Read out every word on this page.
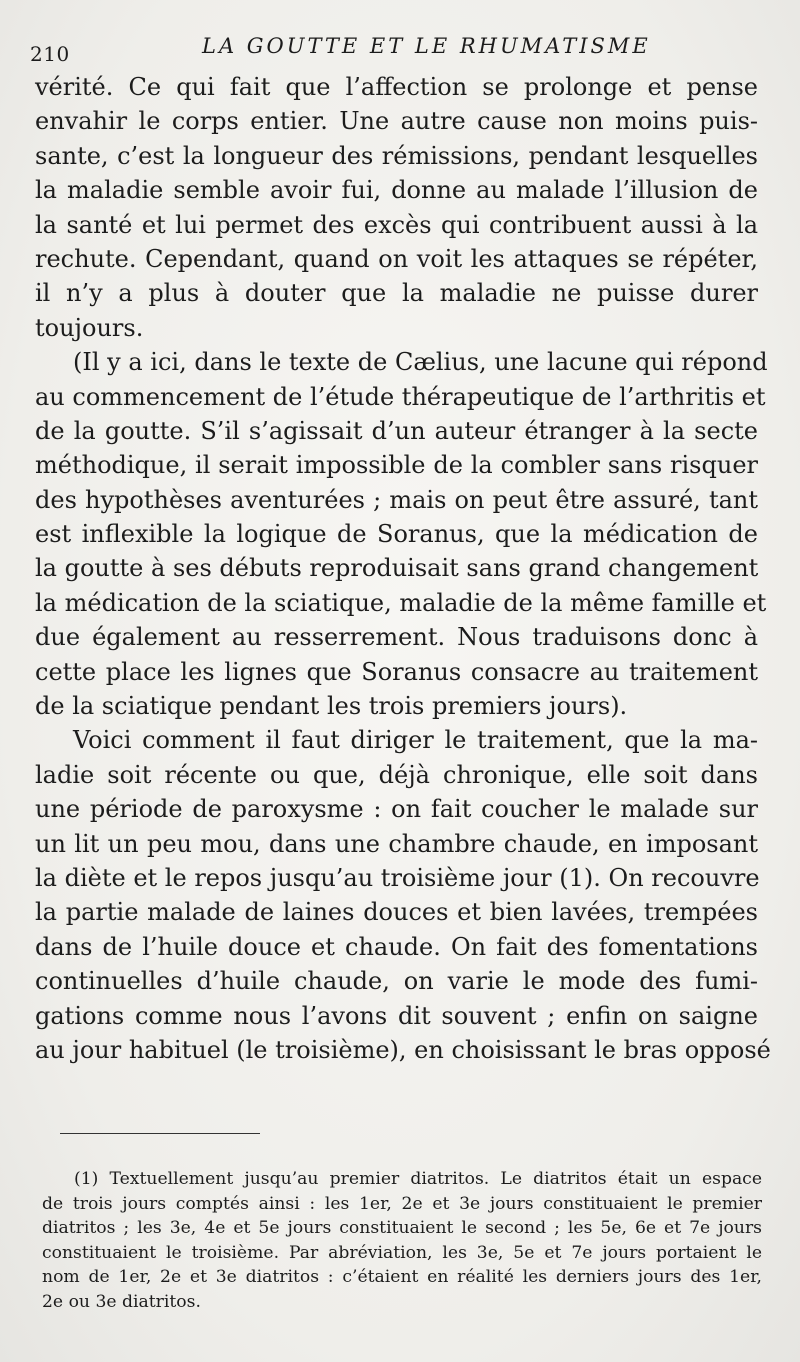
210	LA GOUTTE ET LE RHUMATISME
vérité. Ce qui fait que l’affection se prolonge et pense
envahir le corps entier. Une autre cause non moins puis-
sante, c’est la longueur des rémissions, pendant lesquelles
la maladie semble avoir fui, donne au malade l’illusion de
la santé et lui permet des excès qui contribuent aussi à la
rechute. Cependant, quand on voit les attaques se répéter,
il n’y a plus à douter que la maladie ne puisse durer
toujours.
(Il y a ici, dans le texte de Cælius, une lacune qui répond
au commencement de l’étude thérapeutique de l’arthritis et
de la goutte. S’il s’agissait d’un auteur étranger à la secte
méthodique, il serait impossible de la combler sans risquer
des hypothèses aventurées ; mais on peut être assuré, tant
est inflexible la logique de Soranus, que la médication de
la goutte à ses débuts reproduisait sans grand changement
la médication de la sciatique, maladie de la même famille et
due également au resserrement. Nous traduisons donc à
cette place les lignes que Soranus consacre au traitement
de la sciatique pendant les trois premiers jours).
Voici comment il faut diriger le traitement, que la ma-
ladie soit récente ou que, déjà chronique, elle soit dans
une période de paroxysme : on fait coucher le malade sur
un lit un peu mou, dans une chambre chaude, en imposant
la diète et le repos jusqu’au troisième jour (1). On recouvre
la partie malade de laines douces et bien lavées, trempées
dans de l’huile douce et chaude. On fait des fomentations
continuelles d’huile chaude, on varie le mode des fumi-
gations comme nous l’avons dit souvent ; enfin on saigne
au jour habituel (le troisième), en choisissant le bras opposé
(1) Textuellement jusqu’au premier diatritos. Le diatritos était un espace
de trois jours comptés ainsi : les 1er, 2e et 3e jours constituaient le premier
diatritos ; les 3e, 4e et 5e jours constituaient le second ; les 5e, 6e et 7e jours
constituaient le troisième. Par abréviation, les 3e, 5e et 7e jours portaient le
nom de 1er, 2e et 3e diatritos : c’étaient en réalité les derniers jours des 1er,
2e ou 3e diatritos.
